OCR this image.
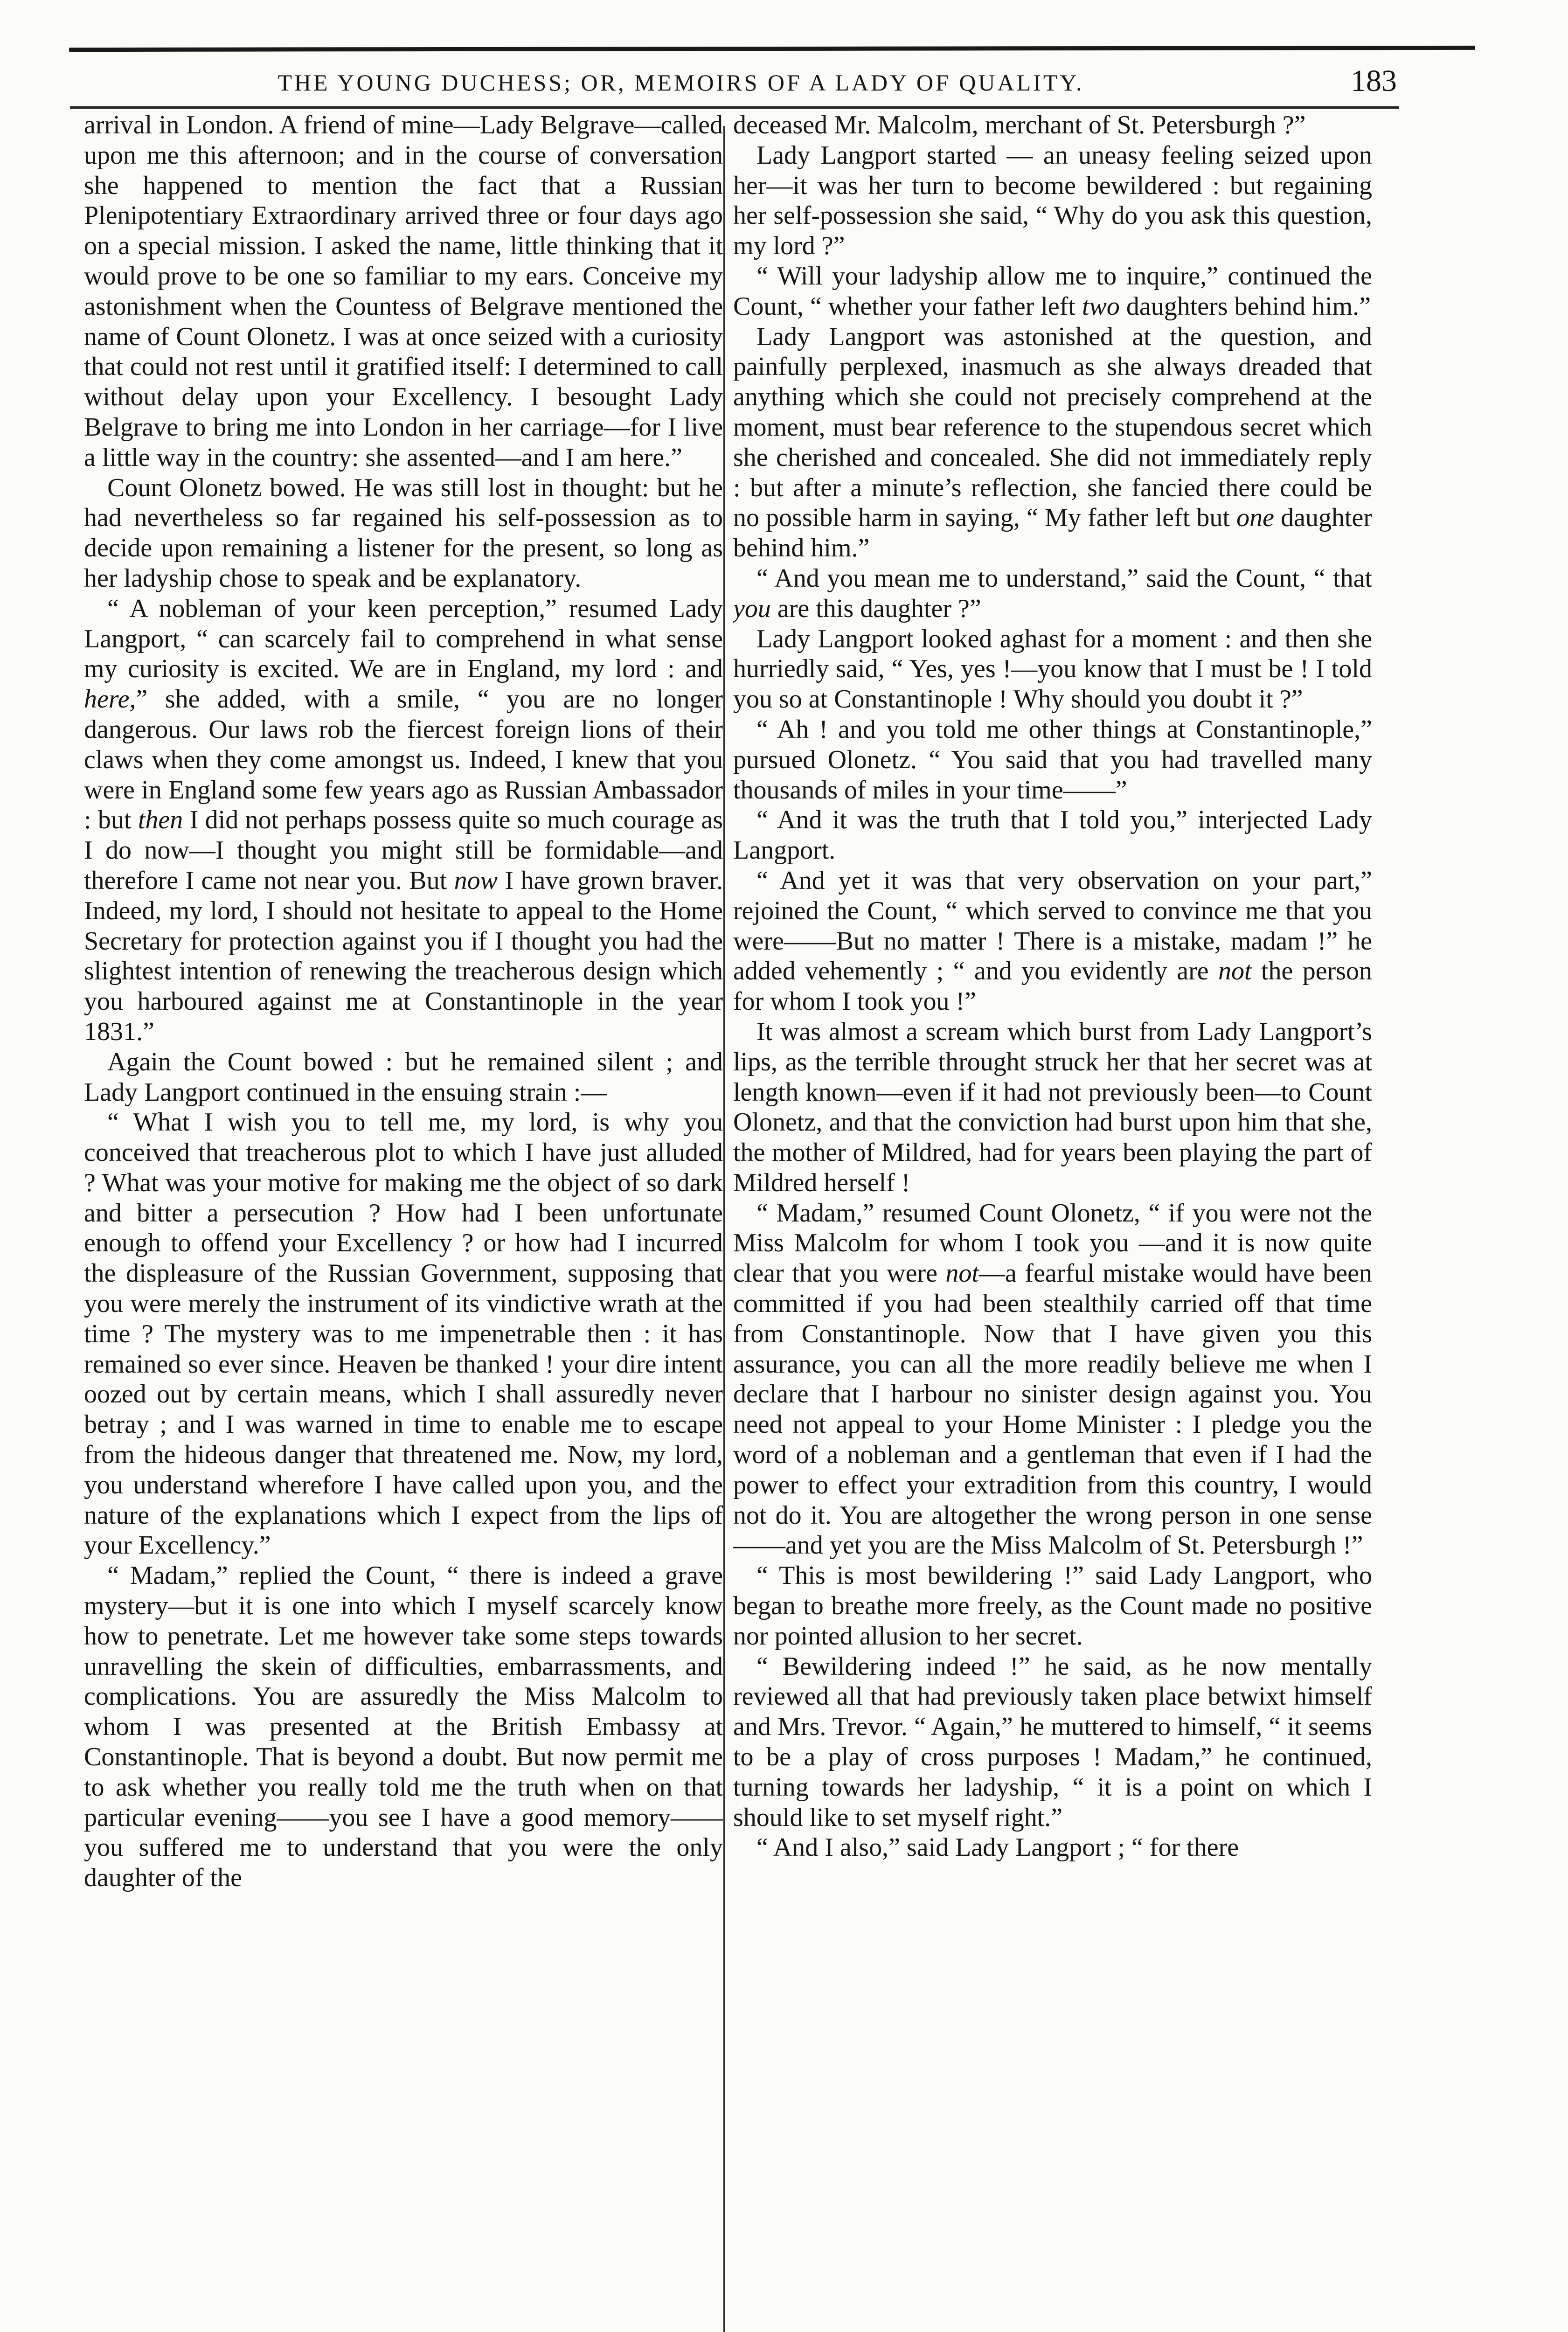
THE YOUNG DUCHESS; OR, MEMOIRS OF A LADY OF QUALITY.	183

arrival in London. A friend of mine—Lady Belgrave—called upon me this afternoon; and in the course of conversation she happened to mention the fact that a Russian Plenipotentiary Extraordinary arrived three or four days ago on a special mission. I asked the name, little thinking that it would prove to be one so familiar to my ears. Conceive my astonishment when the Countess of Belgrave mentioned the name of Count Olonetz. I was at once seized with a curiosity that could not rest until it gratified itself: I determined to call without delay upon your Excellency. I besought Lady Belgrave to bring me into London in her carriage—for I live a little way in the country: she assented—and I am here.”

Count Olonetz bowed. He was still lost in thought: but he had nevertheless so far regained his self-possession as to decide upon remaining a listener for the present, so long as her ladyship chose to speak and be explanatory.

“ A nobleman of your keen perception,” resumed Lady Langport, “ can scarcely fail to comprehend in what sense my curiosity is excited. We are in England, my lord : and here,” she added, with a smile, “ you are no longer dangerous. Our laws rob the fiercest foreign lions of their claws when they come amongst us. Indeed, I knew that you were in England some few years ago as Russian Ambassador : but then I did not perhaps possess quite so much courage as I do now—I thought you might still be formidable—and therefore I came not near you. But now I have grown braver. Indeed, my lord, I should not hesitate to appeal to the Home Secretary for protection against you if I thought you had the slightest intention of renewing the treacherous design which you harboured against me at Constantinople in the year 1831.”

Again the Count bowed : but he remained silent ; and Lady Langport continued in the ensuing strain :—

“ What I wish you to tell me, my lord, is why you conceived that treacherous plot to which I have just alluded ? What was your motive for making me the object of so dark and bitter a persecution ? How had I been unfortunate enough to offend your Excellency ? or how had I incurred the displeasure of the Russian Government, supposing that you were merely the instrument of its vindictive wrath at the time ? The mystery was to me impenetrable then : it has remained so ever since. Heaven be thanked ! your dire intent oozed out by certain means, which I shall assuredly never betray ; and I was warned in time to enable me to escape from the hideous danger that threatened me. Now, my lord, you understand wherefore I have called upon you, and the nature of the explanations which I expect from the lips of your Excellency.”

“ Madam,” replied the Count, “ there is indeed a grave mystery—but it is one into which I myself scarcely know how to penetrate. Let me however take some steps towards unravelling the skein of difficulties, embarrassments, and complications. You are assuredly the Miss Malcolm to whom I was presented at the British Embassy at Constantinople. That is beyond a doubt. But now permit me to ask whether you really told me the truth when on that particular evening——you see I have a good memory——you suffered me to understand that you were the only daughter of the

deceased Mr. Malcolm, merchant of St. Petersburgh ?”

Lady Langport started — an uneasy feeling seized upon her—it was her turn to become bewildered : but regaining her self-possession she said, “ Why do you ask this question, my lord ?”

“ Will your ladyship allow me to inquire,” continued the Count, “ whether your father left two daughters behind him.”

Lady Langport was astonished at the question, and painfully perplexed, inasmuch as she always dreaded that anything which she could not precisely comprehend at the moment, must bear reference to the stupendous secret which she cherished and concealed. She did not immediately reply : but after a minute’s reflection, she fancied there could be no possible harm in saying, “ My father left but one daughter behind him.”

“ And you mean me to understand,” said the Count, “ that you are this daughter ?”

Lady Langport looked aghast for a moment : and then she hurriedly said, “ Yes, yes !—you know that I must be ! I told you so at Constantinople ! Why should you doubt it ?”

“ Ah ! and you told me other things at Constantinople,” pursued Olonetz. “ You said that you had travelled many thousands of miles in your time——”

“ And it was the truth that I told you,” interjected Lady Langport.

“ And yet it was that very observation on your part,” rejoined the Count, “ which served to convince me that you were——But no matter ! There is a mistake, madam !” he added vehemently ; “ and you evidently are not the person for whom I took you !”

It was almost a scream which burst from Lady Langport’s lips, as the terrible throught struck her that her secret was at length known—even if it had not previously been—to Count Olonetz, and that the conviction had burst upon him that she, the mother of Mildred, had for years been playing the part of Mildred herself !

“ Madam,” resumed Count Olonetz, “ if you were not the Miss Malcolm for whom I took you —and it is now quite clear that you were not—a fearful mistake would have been committed if you had been stealthily carried off that time from Constantinople. Now that I have given you this assurance, you can all the more readily believe me when I declare that I harbour no sinister design against you. You need not appeal to your Home Minister : I pledge you the word of a nobleman and a gentleman that even if I had the power to effect your extradition from this country, I would not do it. You are altogether the wrong person in one sense——and yet you are the Miss Malcolm of St. Petersburgh !”

“ This is most bewildering !” said Lady Langport, who began to breathe more freely, as the Count made no positive nor pointed allusion to her secret.

“ Bewildering indeed !” he said, as he now mentally reviewed all that had previously taken place betwixt himself and Mrs. Trevor. “ Again,” he muttered to himself, “ it seems to be a play of cross purposes ! Madam,” he continued, turning towards her ladyship, “ it is a point on which I should like to set myself right.”

“ And I also,” said Lady Langport ; “ for there
